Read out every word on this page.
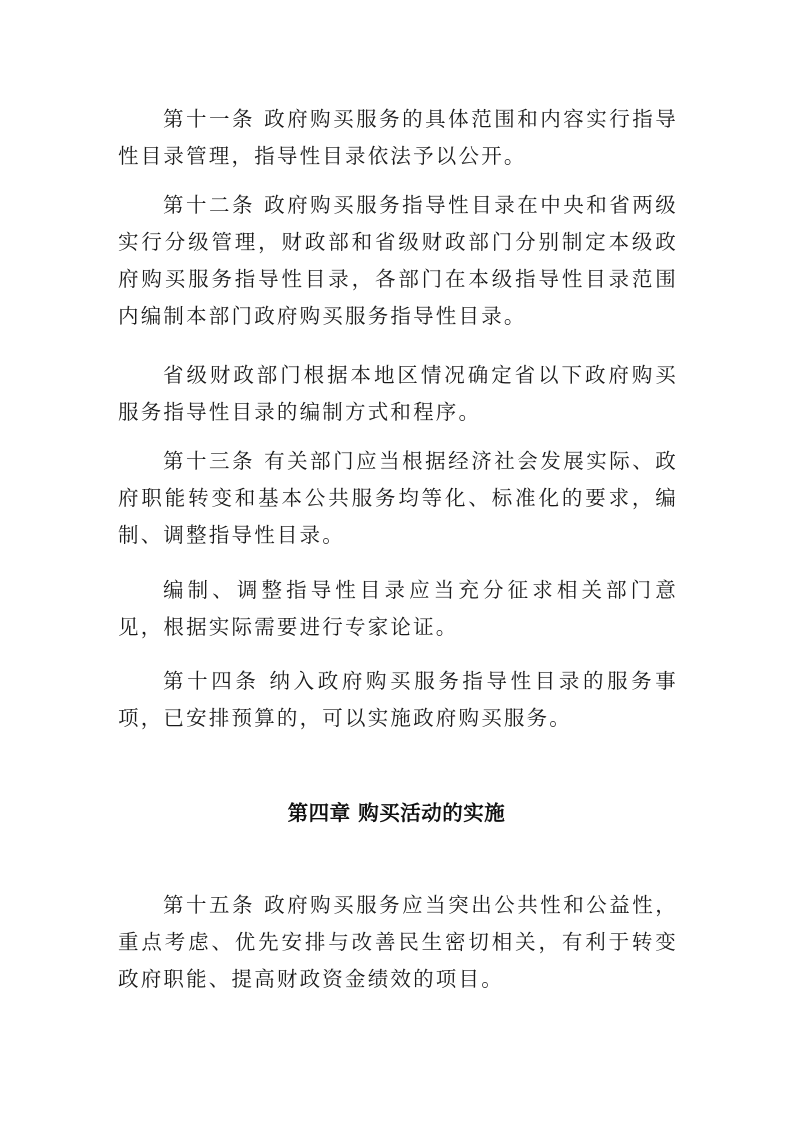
第十一条 政府购买服务的具体范围和内容实行指导性目录管理，指导性目录依法予以公开。

第十二条 政府购买服务指导性目录在中央和省两级实行分级管理，财政部和省级财政部门分别制定本级政府购买服务指导性目录，各部门在本级指导性目录范围内编制本部门政府购买服务指导性目录。

省级财政部门根据本地区情况确定省以下政府购买服务指导性目录的编制方式和程序。

第十三条 有关部门应当根据经济社会发展实际、政府职能转变和基本公共服务均等化、标准化的要求，编制、调整指导性目录。

编制、调整指导性目录应当充分征求相关部门意见，根据实际需要进行专家论证。

第十四条 纳入政府购买服务指导性目录的服务事项，已安排预算的，可以实施政府购买服务。

第四章 购买活动的实施

第十五条 政府购买服务应当突出公共性和公益性，重点考虑、优先安排与改善民生密切相关，有利于转变政府职能、提高财政资金绩效的项目。
